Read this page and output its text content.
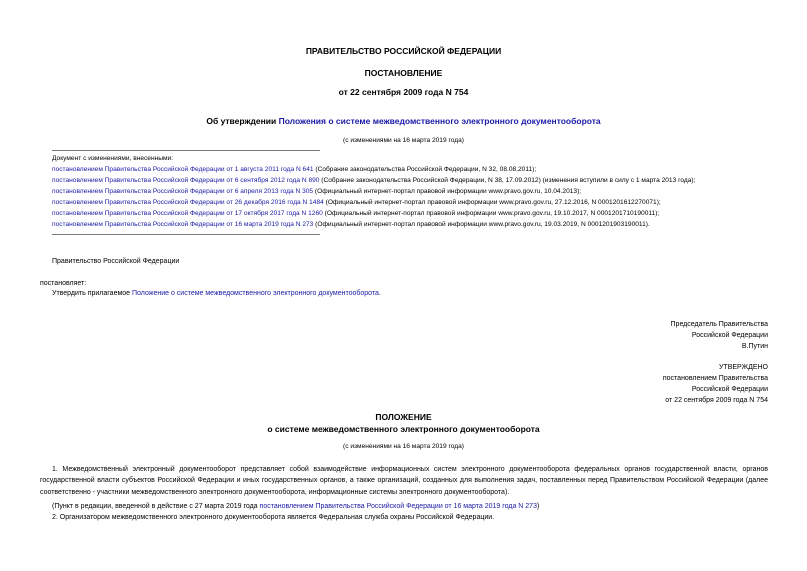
ПРАВИТЕЛЬСТВО РОССИЙСКОЙ ФЕДЕРАЦИИ
ПОСТАНОВЛЕНИЕ
от 22 сентября 2009 года N 754
Об утверждении Положения о системе межведомственного электронного документооборота
(с изменениями на 16 марта 2019 года)
Документ с изменениями, внесенными:
постановлением Правительства Российской Федерации от 1 августа 2011 года N 641 (Собрание законодательства Российской Федерации, N 32, 08.08.2011);
постановлением Правительства Российской Федерации от 6 сентября 2012 года N 890 (Собрание законодательства Российской Федерации, N 38, 17.09.2012) (изменения вступили в силу с 1 марта 2013 года);
постановлением Правительства Российской Федерации от 6 апреля 2013 года N 305 (Официальный интернет-портал правовой информации www.pravo.gov.ru, 10.04.2013);
постановлением Правительства Российской Федерации от 26 декабря 2016 года N 1484 (Официальный интернет-портал правовой информации www.pravo.gov.ru, 27.12.2016, N 0001201612270071);
постановлением Правительства Российской Федерации от 17 октября 2017 года N 1260 (Официальный интернет-портал правовой информации www.pravo.gov.ru, 19.10.2017, N 0001201710190011);
постановлением Правительства Российской Федерации от 16 марта 2019 года N 273 (Официальный интернет-портал правовой информации www.pravo.gov.ru, 19.03.2019, N 0001201903190011).
Правительство Российской Федерации
постановляет:
Утвердить прилагаемое Положение о системе межведомственного электронного документооборота.
Председатель Правительства
Российской Федерации
В.Путин
УТВЕРЖДЕНО
постановлением Правительства
Российской Федерации
от 22 сентября 2009 года N 754
ПОЛОЖЕНИЕ
о системе межведомственного электронного документооборота
(с изменениями на 16 марта 2019 года)
1. Межведомственный электронный документооборот представляет собой взаимодействие информационных систем электронного документооборота федеральных органов государственной власти, органов государственной власти субъектов Российской Федерации и иных государственных органов, а также организаций, созданных для выполнения задач, поставленных перед Правительством Российской Федерации (далее соответственно - участники межведомственного электронного документооборота, информационные системы электронного документооборота).
(Пункт в редакции, введенной в действие с 27 марта 2019 года постановлением Правительства Российской Федерации от 16 марта 2019 года N 273)
2. Организатором межведомственного электронного документооборота является Федеральная служба охраны Российской Федерации.
